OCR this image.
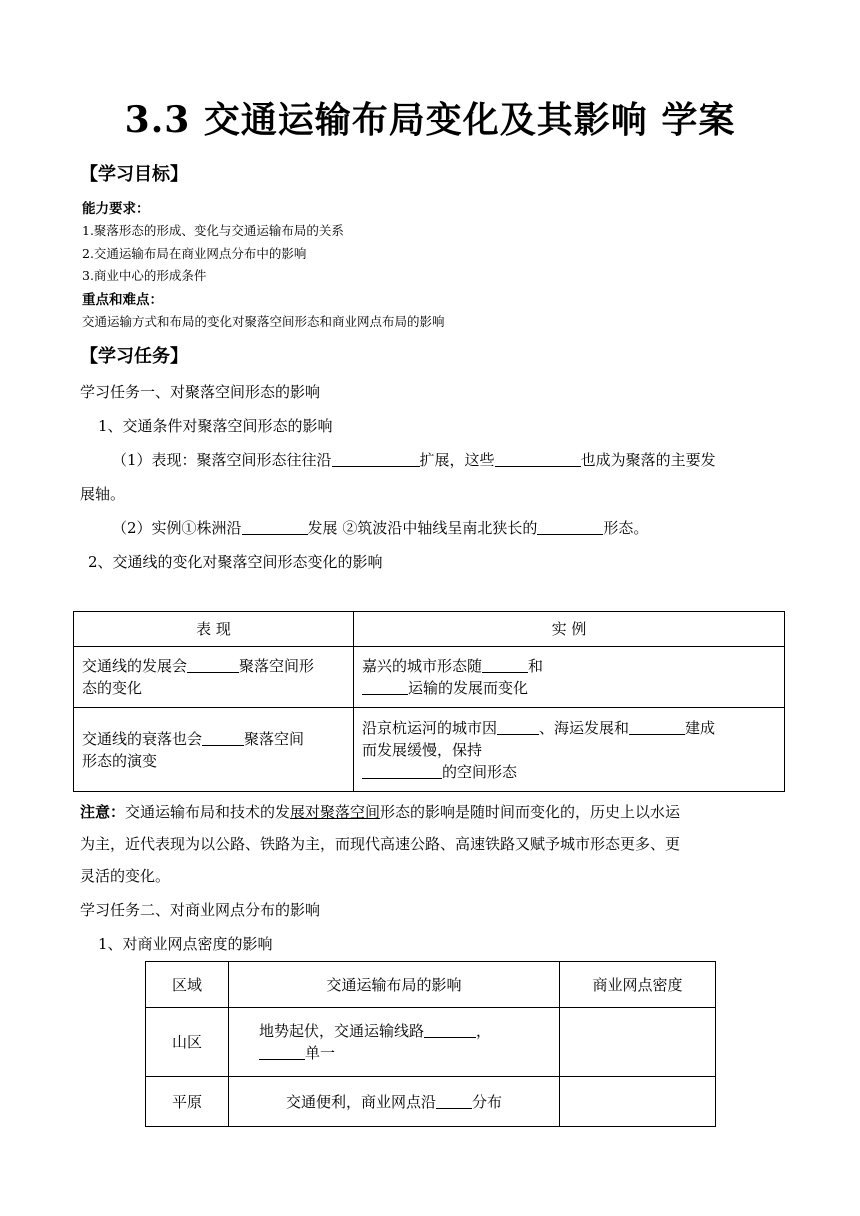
3.3 交通运输布局变化及其影响 学案
【学习目标】
能力要求：
1.聚落形态的形成、变化与交通运输布局的关系
2.交通运输布局在商业网点分布中的影响
3.商业中心的形成条件
重点和难点：
交通运输方式和布局的变化对聚落空间形态和商业网点布局的影响
【学习任务】
学习任务一、对聚落空间形态的影响
1、交通条件对聚落空间形态的影响
（1）表现：聚落空间形态往往沿	扩展，这些	也成为聚落的主要发
展轴。
（2）实例①株洲沿	发展 ②筑波沿中轴线呈南北狭长的	形态。
2、交通线的变化对聚落空间形态变化的影响
表 现	实 例
交通线的发展会 聚落空间形
态的变化	嘉兴的城市形态随 和
运输的发展而变化
交通线的衰落也会 聚落空间
形态的演变	沿京杭运河的城市因 、海运发展和 建成
而发展缓慢，保持
的空间形态
注意：交通运输布局和技术的发展对聚落空间形态的影响是随时间而变化的，历史上以水运
为主，近代表现为以公路、铁路为主，而现代高速公路、高速铁路又赋予城市形态更多、更
灵活的变化。
学习任务二、对商业网点分布的影响
1、对商业网点密度的影响
区域	交通运输布局的影响	商业网点密度
山区	地势起伏，交通运输线路 ，
单一	
平原	交通便利，商业网点沿 分布	
